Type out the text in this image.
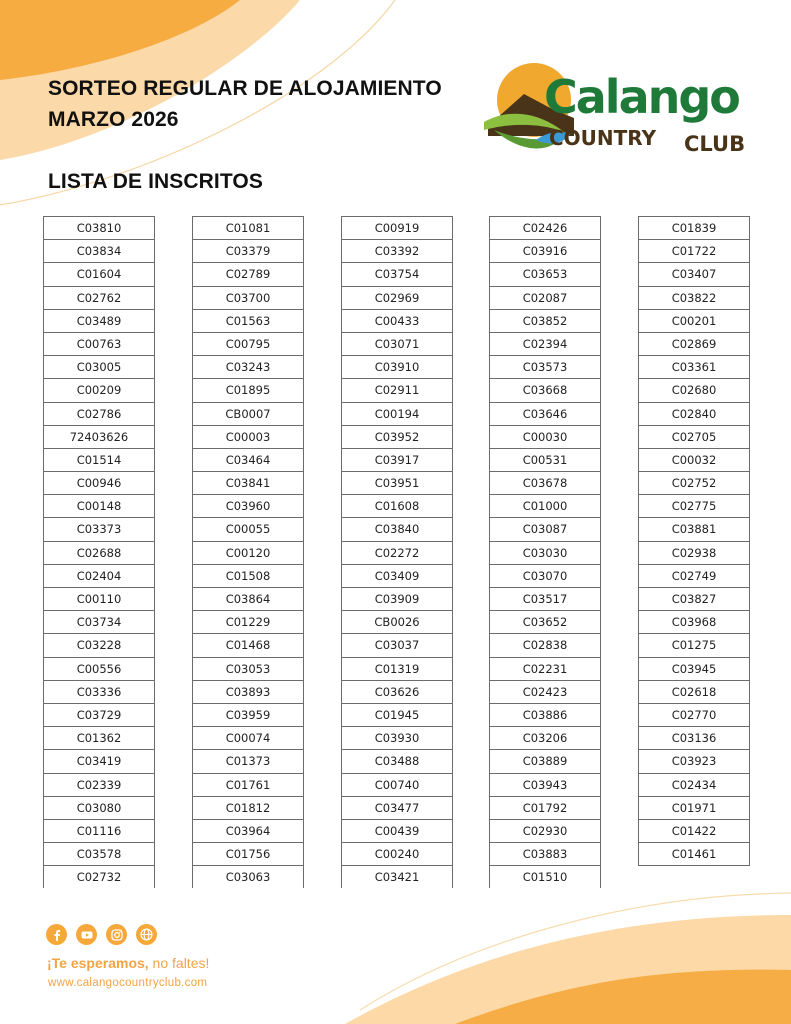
SORTEO REGULAR DE ALOJAMIENTO
MARZO 2026
LISTA DE INSCRITOS
Calango
COUNTRY CLUB
C03810
C03834
C01604
C02762
C03489
C00763
C03005
C00209
C02786
72403626
C01514
C00946
C00148
C03373
C02688
C02404
C00110
C03734
C03228
C00556
C03336
C03729
C01362
C03419
C02339
C03080
C01116
C03578
C02732
C01081
C03379
C02789
C03700
C01563
C00795
C03243
C01895
CB0007
C00003
C03464
C03841
C03960
C00055
C00120
C01508
C03864
C01229
C01468
C03053
C03893
C03959
C00074
C01373
C01761
C01812
C03964
C01756
C03063
C00919
C03392
C03754
C02969
C00433
C03071
C03910
C02911
C00194
C03952
C03917
C03951
C01608
C03840
C02272
C03409
C03909
CB0026
C03037
C01319
C03626
C01945
C03930
C03488
C00740
C03477
C00439
C00240
C03421
C02426
C03916
C03653
C02087
C03852
C02394
C03573
C03668
C03646
C00030
C00531
C03678
C01000
C03087
C03030
C03070
C03517
C03652
C02838
C02231
C02423
C03886
C03206
C03889
C03943
C01792
C02930
C03883
C01510
C01839
C01722
C03407
C03822
C00201
C02869
C03361
C02680
C02840
C02705
C00032
C02752
C02775
C03881
C02938
C02749
C03827
C03968
C01275
C03945
C02618
C02770
C03136
C03923
C02434
C01971
C01422
C01461
¡Te esperamos, no faltes!
www.calangocountryclub.com
